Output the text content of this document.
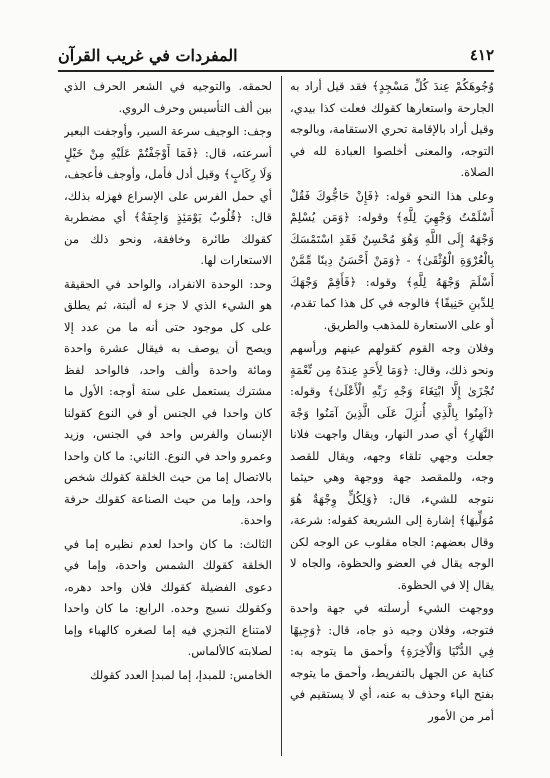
٤١٢
المفردات في غريب القرآن

وُجُوهَكُمْ عِندَ كُلِّ مَسْجِدٍ﴾ فقد قيل أراد به الجارحة واستعارها كقولك فعلت كذا بيدي، وقيل أراد بالإقامة تحري الاستقامة، وبالوجه التوجه، والمعنى أخلصوا العبادة لله في الصلاة.

وعلى هذا النحو قوله: ﴿فَإِنْ حَاجُّوكَ فَقُلْ أَسْلَمْتُ وَجْهِيَ لِلَّهِ﴾ وقوله: ﴿وَمَن يُسْلِمْ وَجْهَهُ إِلَى اللَّهِ وَهُوَ مُحْسِنٌ فَقَدِ اسْتَمْسَكَ بِالْعُرْوَةِ الْوُثْقَىٰ﴾ - ﴿وَمَنْ أَحْسَنُ دِينًا مِّمَّنْ أَسْلَمَ وَجْهَهُ لِلَّهِ﴾ وقوله: ﴿فَأَقِمْ وَجْهَكَ لِلدِّينِ حَنِيفًا﴾ فالوجه في كل هذا كما تقدم، أو على الاستعارة للمذهب والطريق.

وفلان وجه القوم كقولهم عينهم ورأسهم ونحو ذلك، وقال: ﴿وَمَا لِأَحَدٍ عِندَهُ مِن نِّعْمَةٍ تُجْزَىٰ إِلَّا ابْتِغَاءَ وَجْهِ رَبِّهِ الْأَعْلَىٰ﴾ وقوله: ﴿آمِنُوا بِالَّذِي أُنزِلَ عَلَى الَّذِينَ آمَنُوا وَجْهَ النَّهَارِ﴾ أي صدر النهار، ويقال واجهت فلانا جعلت وجهي تلقاء وجهه، ويقال للقصد وجه، وللمقصد جهة ووجهة وهي حيثما نتوجه للشيء، قال: ﴿وَلِكُلٍّ وِجْهَةٌ هُوَ مُوَلِّيهَا﴾ إشارة إلى الشريعة كقوله: شرعة، وقال بعضهم: الجاه مقلوب عن الوجه لكن الوجه يقال في العضو والحظوة، والجاه لا يقال إلا في الحظوة.

ووجهت الشيء أرسلته في جهة واحدة فتوجه، وفلان وجيه ذو جاه، قال: ﴿وَجِيهًا فِي الدُّنْيَا وَالْآخِرَةِ﴾ وأحمق ما يتوجه به: كناية عن الجهل بالتفريط، وأحمق ما يتوجه بفتح الياء وحذف به عنه، أي لا يستقيم في أمر من الأمور

لحمقه. والتوجيه في الشعر الحرف الذي بين ألف التأسيس وحرف الروي.

وجف: الوجيف سرعة السير، وأوجفت البعير أسرعته، قال: ﴿فَمَا أَوْجَفْتُمْ عَلَيْهِ مِنْ خَيْلٍ وَلَا رِكَابٍ﴾ وقيل أدل فأمل، وأوجف فأعجف، أي حمل الفرس على الإسراع فهزله بذلك، قال: ﴿قُلُوبٌ يَوْمَئِذٍ وَاجِفَةٌ﴾ أي مضطربة كقولك طائرة وخافقة، ونحو ذلك من الاستعارات لها.

وحد: الوحدة الانفراد، والواحد في الحقيقة هو الشيء الذي لا جزء له ألبتة، ثم يطلق على كل موجود حتى أنه ما من عدد إلا ويصح أن يوصف به فيقال عشرة واحدة ومائة واحدة وألف واحد، فالواحد لفظ مشترك يستعمل على ستة أوجه: الأول ما كان واحدا في الجنس أو في النوع كقولنا الإنسان والفرس واحد في الجنس، وزيد وعمرو واحد في النوع. الثاني: ما كان واحدا بالاتصال إما من حيث الخلقة كقولك شخص واحد، وإما من حيث الصناعة كقولك حرفة واحدة.

الثالث: ما كان واحدا لعدم نظيره إما في الخلقة كقولك الشمس واحدة، وإما في دعوى الفضيلة كقولك فلان واحد دهره، وكقولك نسيج وحده. الرابع: ما كان واحدا لامتناع التجزي فيه إما لصغره كالهباء وإما لصلابته كالألماس.

الخامس: للمبدإ، إما لمبدإ العدد كقولك
